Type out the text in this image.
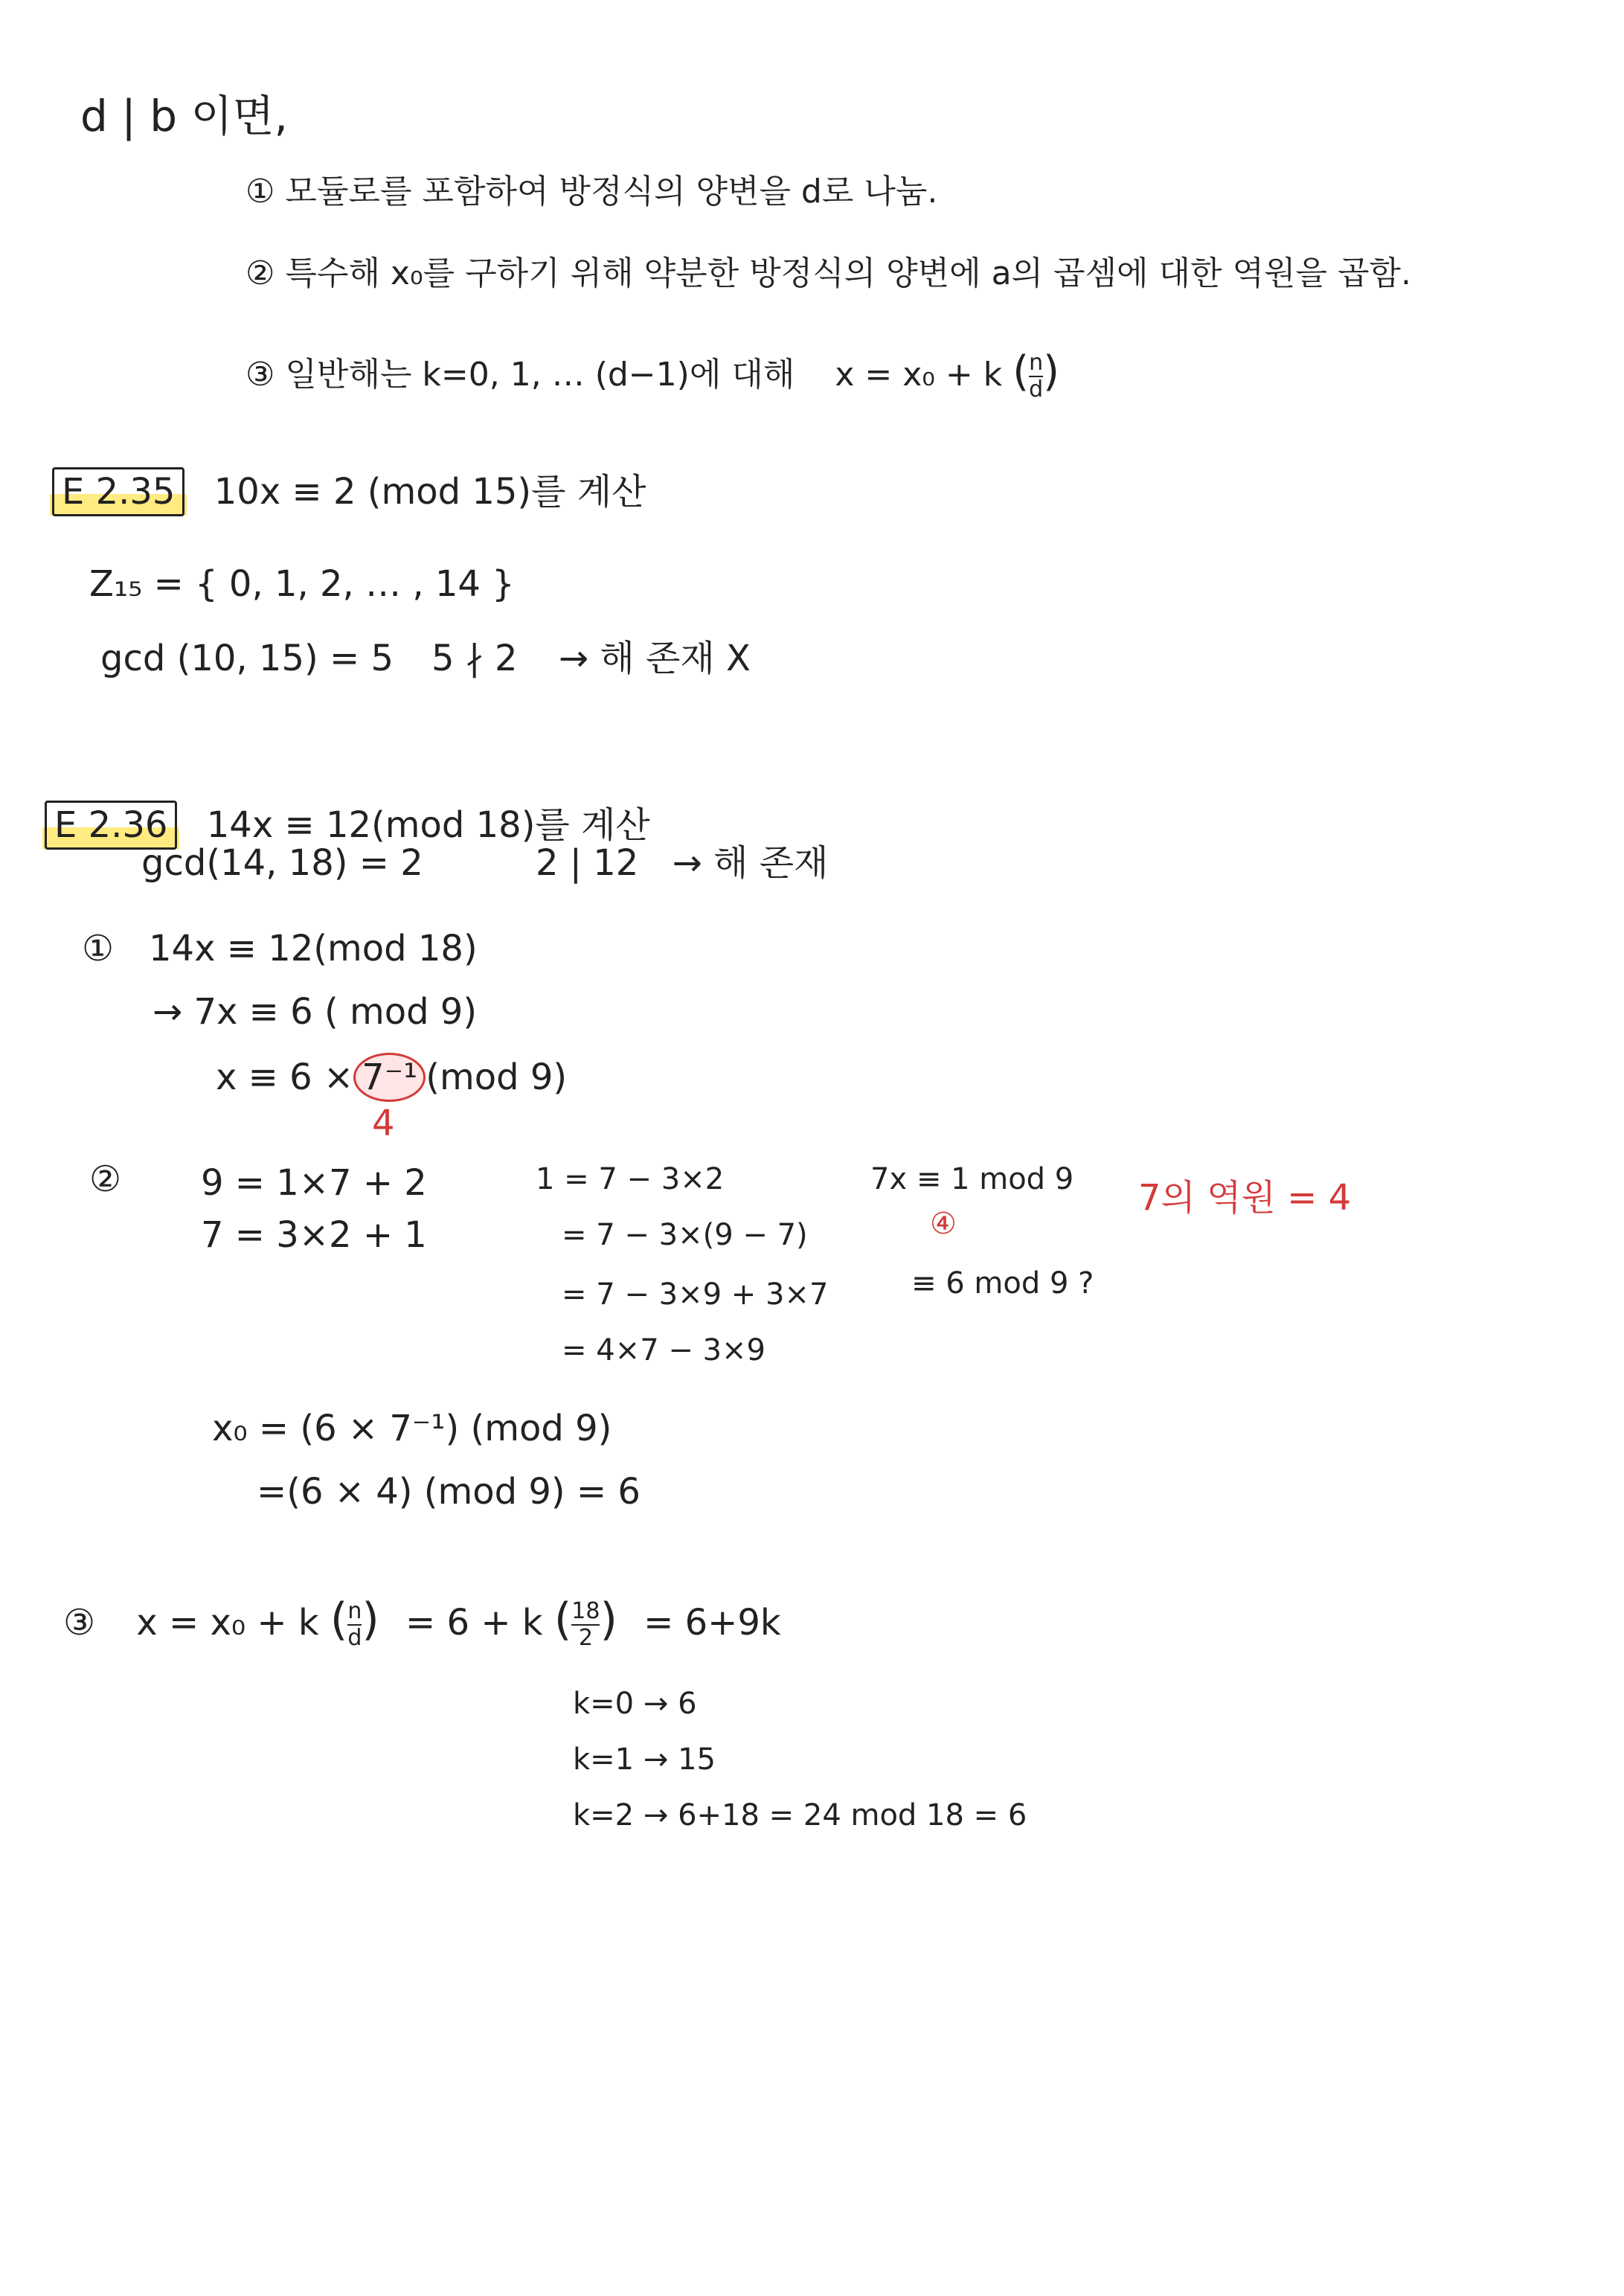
d | b 이면,
① 모듈로를 포함하여 방정식의 양변을 d로 나눔.
② 특수해 x₀를 구하기 위해 약분한 방정식의 양변에 a의 곱셈에 대한 역원을 곱함.
③ 일반해는 k=0, 1, … (d−1)에 대해 x = x₀ + k ( $\frac{n}{d}$ )
E 2.35 10x ≡ 2 (mod 15)를 계산
Z₁₅ = { 0, 1, 2, … , 14 }
gcd (10, 15) = 5 5 ∤ 2 → 해 존재 X
E 2.36 14x ≡ 12(mod 18)를 계산
gcd(14, 18) = 2	2 | 12 → 해 존재
① 14x ≡ 12(mod 18)
→ 7x ≡ 6 ( mod 9)
x ≡ 6 × 7⁻¹ (mod 9)
4
② 9 = 1×7 + 2
7 = 3×2 + 1
1 = 7 − 3×2
= 7 − 3×(9 − 7)
= 7 − 3×9 + 3×7
= 4×7 − 3×9
7x ≡ 1 mod 9
④
≡ 6 mod 9 ?
7의 역원 = 4
x₀ = (6 × 7⁻¹) (mod 9)
=(6 × 4) (mod 9) = 6
③ x = x₀ + k ( $\frac{n}{d}$ ) = 6 + k ( $\frac{18}{2}$ ) = 6+9k
k=0 → 6
k=1 → 15
k=2 → 6+18 = 24 mod 18 = 6
